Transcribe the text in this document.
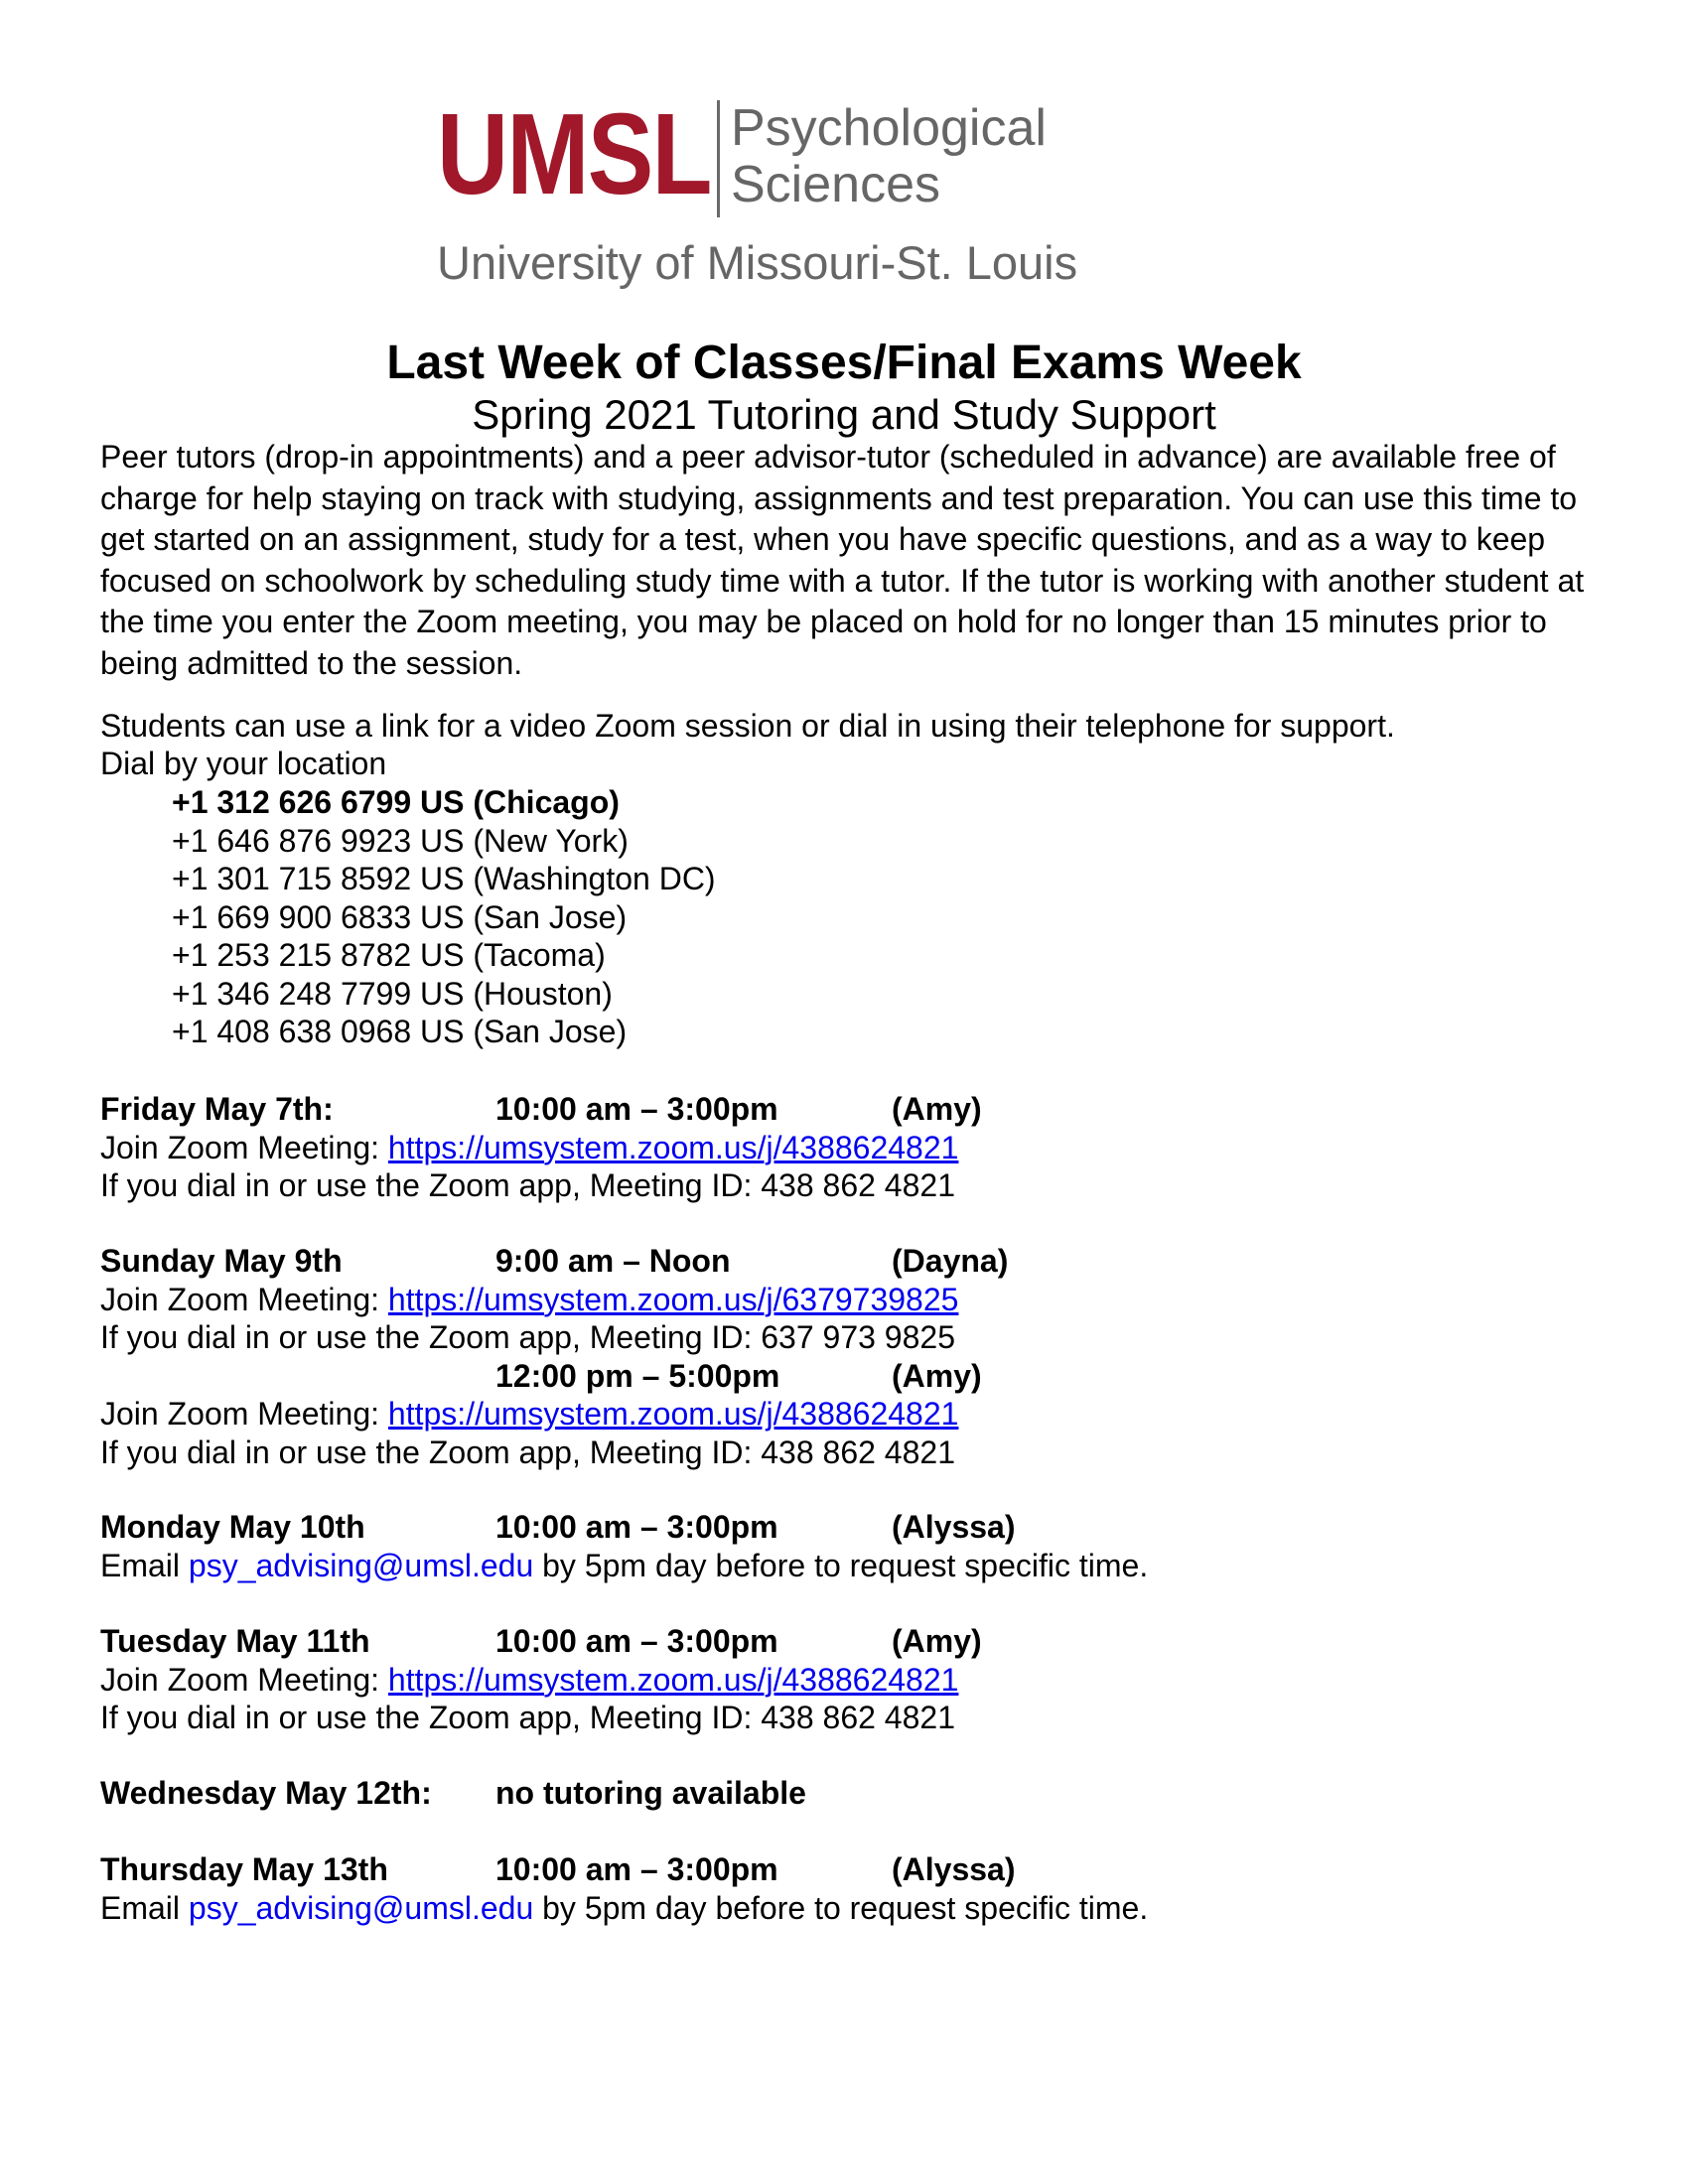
UMSL Psychological
Sciences
University of Missouri-St. Louis
Last Week of Classes/Final Exams Week
Spring 2021 Tutoring and Study Support
Peer tutors (drop-in appointments) and a peer advisor-tutor (scheduled in advance) are available free of charge for help staying on track with studying, assignments and test preparation. You can use this time to get started on an assignment, study for a test, when you have specific questions, and as a way to keep focused on schoolwork by scheduling study time with a tutor. If the tutor is working with another student at the time you enter the Zoom meeting, you may be placed on hold for no longer than 15 minutes prior to being admitted to the session.
Students can use a link for a video Zoom session or dial in using their telephone for support.
Dial by your location
+1 312 626 6799 US (Chicago)
+1 646 876 9923 US (New York)
+1 301 715 8592 US (Washington DC)
+1 669 900 6833 US (San Jose)
+1 253 215 8782 US (Tacoma)
+1 346 248 7799 US (Houston)
+1 408 638 0968 US (San Jose)
Friday May 7th:	10:00 am – 3:00pm	(Amy)
Join Zoom Meeting: https://umsystem.zoom.us/j/4388624821
If you dial in or use the Zoom app, Meeting ID: 438 862 4821
Sunday May 9th	9:00 am – Noon	(Dayna)
Join Zoom Meeting: https://umsystem.zoom.us/j/6379739825
If you dial in or use the Zoom app, Meeting ID: 637 973 9825
12:00 pm – 5:00pm	(Amy)
Join Zoom Meeting: https://umsystem.zoom.us/j/4388624821
If you dial in or use the Zoom app, Meeting ID: 438 862 4821
Monday May 10th	10:00 am – 3:00pm	(Alyssa)
Email psy_advising@umsl.edu by 5pm day before to request specific time.
Tuesday May 11th	10:00 am – 3:00pm	(Amy)
Join Zoom Meeting: https://umsystem.zoom.us/j/4388624821
If you dial in or use the Zoom app, Meeting ID: 438 862 4821
Wednesday May 12th: no tutoring available
Thursday May 13th	10:00 am – 3:00pm	(Alyssa)
Email psy_advising@umsl.edu by 5pm day before to request specific time.
